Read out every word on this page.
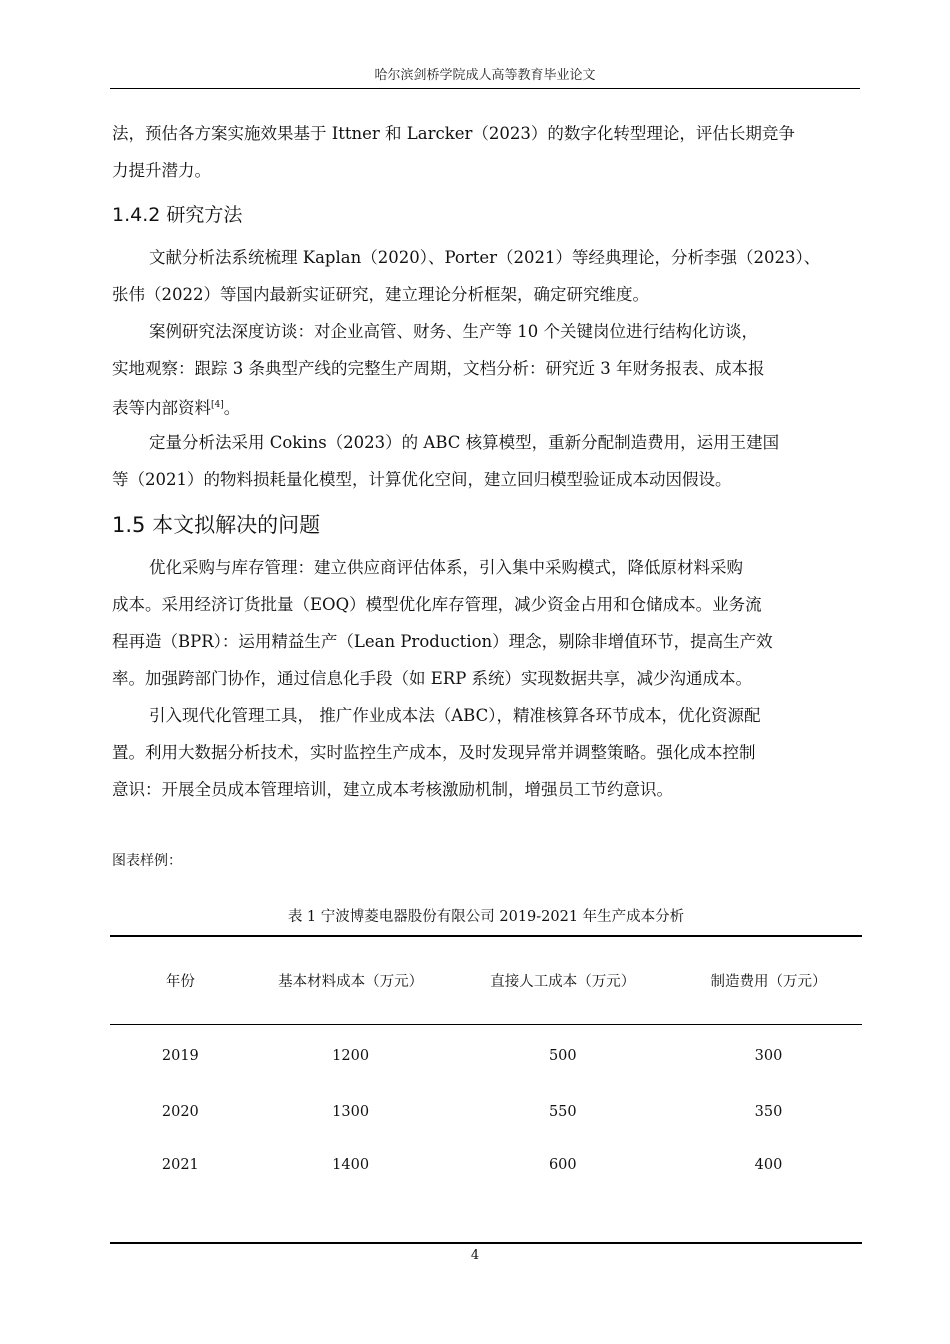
哈尔滨剑桥学院成人高等教育毕业论文
法，预估各方案实施效果基于 Ittner 和 Larcker（2023）的数字化转型理论，评估长期竞争
力提升潜力。
1.4.2 研究方法
文献分析法系统梳理 Kaplan（2020）、Porter（2021）等经典理论，分析李强（2023）、
张伟（2022）等国内最新实证研究，建立理论分析框架，确定研究维度。
案例研究法深度访谈：对企业高管、财务、生产等 10 个关键岗位进行结构化访谈，
实地观察：跟踪 3 条典型产线的完整生产周期，文档分析：研究近 3 年财务报表、成本报
表等内部资料[4]。
定量分析法采用 Cokins（2023）的 ABC 核算模型，重新分配制造费用，运用王建国
等（2021）的物料损耗量化模型，计算优化空间，建立回归模型验证成本动因假设。
1.5 本文拟解决的问题
优化采购与库存管理：建立供应商评估体系，引入集中采购模式，降低原材料采购
成本。采用经济订货批量（EOQ）模型优化库存管理，减少资金占用和仓储成本。业务流
程再造（BPR）：运用精益生产（Lean Production）理念，剔除非增值环节，提高生产效
率。加强跨部门协作，通过信息化手段（如 ERP 系统）实现数据共享，减少沟通成本。
引入现代化管理工具， 推广作业成本法（ABC），精准核算各环节成本，优化资源配
置。利用大数据分析技术，实时监控生产成本，及时发现异常并调整策略。强化成本控制
意识：开展全员成本管理培训，建立成本考核激励机制，增强员工节约意识。
图表样例：
表 1 宁波博菱电器股份有限公司 2019-2021 年生产成本分析
年份	基本材料成本（万元）	直接人工成本（万元）	制造费用（万元）
2019	1200	500	300
2020	1300	550	350
2021	1400	600	400
4
